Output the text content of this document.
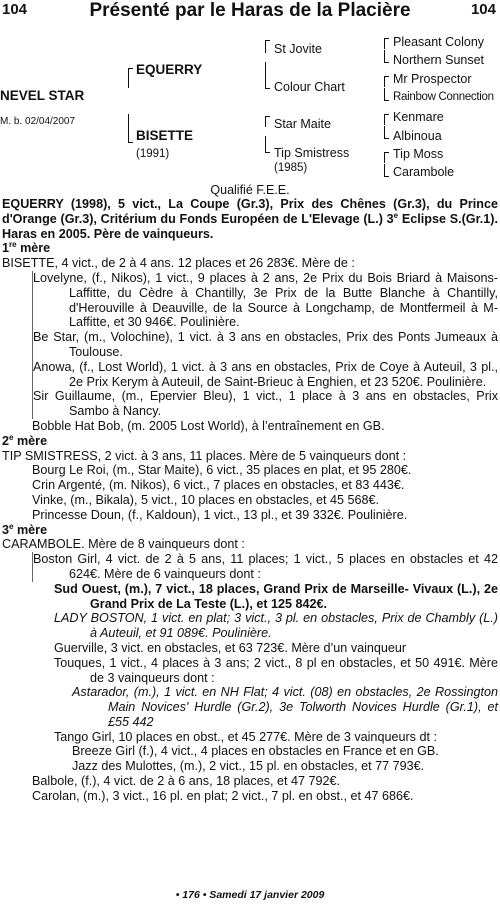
104	Présenté par le Haras de la Placière	104
NEVEL STAR
M. b. 02/04/2007
EQUERRY
BISETTE
(1991)
St Jovite
Colour Chart
Star Maite
Tip Smistress
(1985)
Pleasant Colony
Northern Sunset
Mr Prospector
Rainbow Connection
Kenmare
Albinoua
Tip Moss
Carambole
Qualifié F.E.E.

EQUERRY (1998), 5 vict., La Coupe (Gr.3), Prix des Chênes (Gr.3), du Prince d'Orange (Gr.3), Critérium du Fonds Européen de L'Elevage (L.) 3e Eclipse S.(Gr.1). Haras en 2005. Père de vainqueurs.

1re mère

BISETTE, 4 vict., de 2 à 4 ans. 12 places et 26 283€. Mère de :

Lovelyne, (f., Nikos), 1 vict., 9 places à 2 ans, 2e Prix du Bois Briard à Maisons-Laffitte, du Cèdre à Chantilly, 3e Prix de la Butte Blanche à Chantilly, d'Herouville à Deauville, de la Source à Longchamp, de Montfermeil à M-Laffitte, et 30 946€. Poulinière.

Be Star, (m., Volochine), 1 vict. à 3 ans en obstacles, Prix des Ponts Jumeaux à Toulouse.

Anowa, (f., Lost World), 1 vict. à 3 ans en obstacles, Prix de Coye à Auteuil, 3 pl., 2e Prix Kerym à Auteuil, de Saint-Brieuc à Enghien, et 23 520€. Poulinière.

Sir Guillaume, (m., Epervier Bleu), 1 vict., 1 place à 3 ans en obstacles, Prix Sambo à Nancy.

Bobble Hat Bob, (m. 2005 Lost World), à l’entraînement en GB.

2e mère

TIP SMISTRESS, 2 vict. à 3 ans, 11 places. Mère de 5 vainqueurs dont :

Bourg Le Roi, (m., Star Maite), 6 vict., 35 places en plat, et 95 280€.

Crin Argenté, (m. Nikos), 6 vict., 7 places en obstacles, et 83 443€.

Vinke, (m., Bikala), 5 vict., 10 places en obstacles, et 45 568€.

Princesse Doun, (f., Kaldoun), 1 vict., 13 pl., et 39 332€. Poulinière.

3e mère

CARAMBOLE. Mère de 8 vainqueurs dont :

Boston Girl, 4 vict. de 2 à 5 ans, 11 places; 1 vict., 5 places en obstacles et 42 624€. Mère de 6 vainqueurs dont :

Sud Ouest, (m.), 7 vict., 18 places, Grand Prix de Marseille- Vivaux (L.), 2e Grand Prix de La Teste (L.), et 125 842€.

LADY BOSTON, 1 vict. en plat; 3 vict., 3 pl. en obstacles, Prix de Chambly (L.) à Auteuil, et 91 089€. Poulinière.

Guerville, 3 vict. en obstacles, et 63 723€. Mère d’un vainqueur

Touques, 1 vict., 4 places à 3 ans; 2 vict., 8 pl en obstacles, et 50 491€. Mère de 3 vainqueurs dont :

Astarador, (m.), 1 vict. en NH Flat; 4 vict. (08) en obstacles, 2e Rossington Main Novices' Hurdle (Gr.2), 3e Tolworth Novices Hurdle (Gr.1), et £55 442

Tango Girl, 10 places en obst., et 45 277€. Mère de 3 vainqueurs dt :

Breeze Girl (f.), 4 vict., 4 places en obstacles en France et en GB.

Jazz des Mulottes, (m.), 2 vict., 15 pl. en obstacles, et 77 793€.

Balbole, (f.), 4 vict. de 2 à 6 ans, 18 places, et 47 792€.

Carolan, (m.), 3 vict., 16 pl. en plat; 2 vict., 7 pl. en obst., et 47 686€.

• 176 • Samedi 17 janvier 2009
